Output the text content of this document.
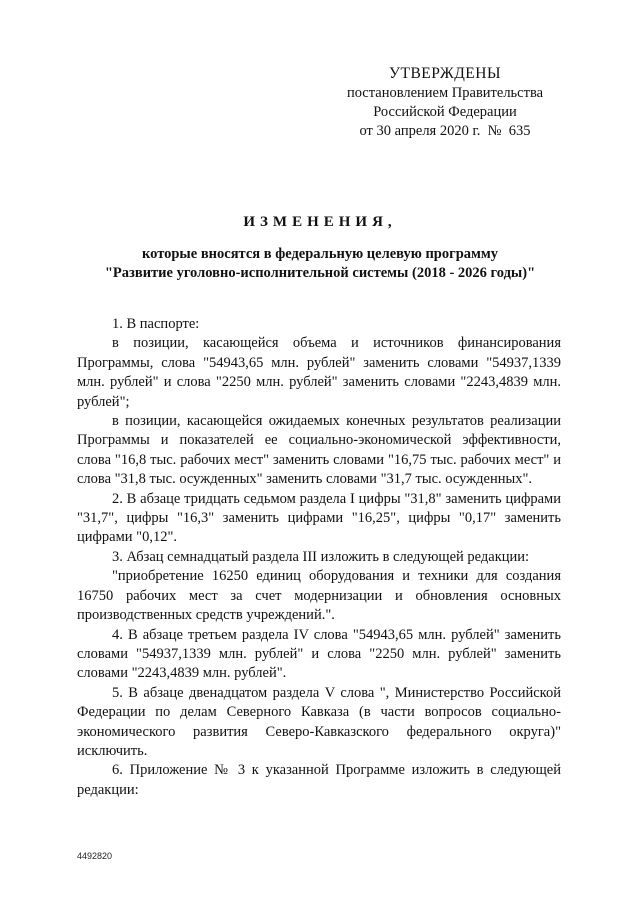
УТВЕРЖДЕНЫ
постановлением Правительства
Российской Федерации
от 30 апреля 2020 г.  №  635
ИЗМЕНЕНИЯ,
которые вносятся в федеральную целевую программу
"Развитие уголовно-исполнительной системы (2018 - 2026 годы)"

1. В паспорте:

в позиции, касающейся объема и источников финансирования Программы, слова "54943,65 млн. рублей" заменить словами "54937,1339 млн. рублей" и слова "2250 млн. рублей" заменить словами "2243,4839 млн. рублей";

в позиции, касающейся ожидаемых конечных результатов реализации Программы и показателей ее социально-экономической эффективности, слова "16,8 тыс. рабочих мест" заменить словами "16,75 тыс. рабочих мест" и слова "31,8 тыс. осужденных" заменить словами "31,7 тыс. осужденных".

2. В абзаце тридцать седьмом раздела I цифры "31,8" заменить цифрами "31,7", цифры "16,3" заменить цифрами "16,25", цифры "0,17" заменить цифрами "0,12".

3. Абзац семнадцатый раздела III изложить в следующей редакции:

"приобретение 16250 единиц оборудования и техники для создания 16750 рабочих мест за счет модернизации и обновления основных производственных средств учреждений.".

4. В абзаце третьем раздела IV слова "54943,65 млн. рублей" заменить словами "54937,1339 млн. рублей" и слова "2250 млн. рублей" заменить словами "2243,4839 млн. рублей".

5. В абзаце двенадцатом раздела V слова ", Министерство Российской Федерации по делам Северного Кавказа (в части вопросов социально-экономического развития Северо-Кавказского федерального округа)" исключить.

6. Приложение № 3 к указанной Программе изложить в следующей редакции:

4492820
